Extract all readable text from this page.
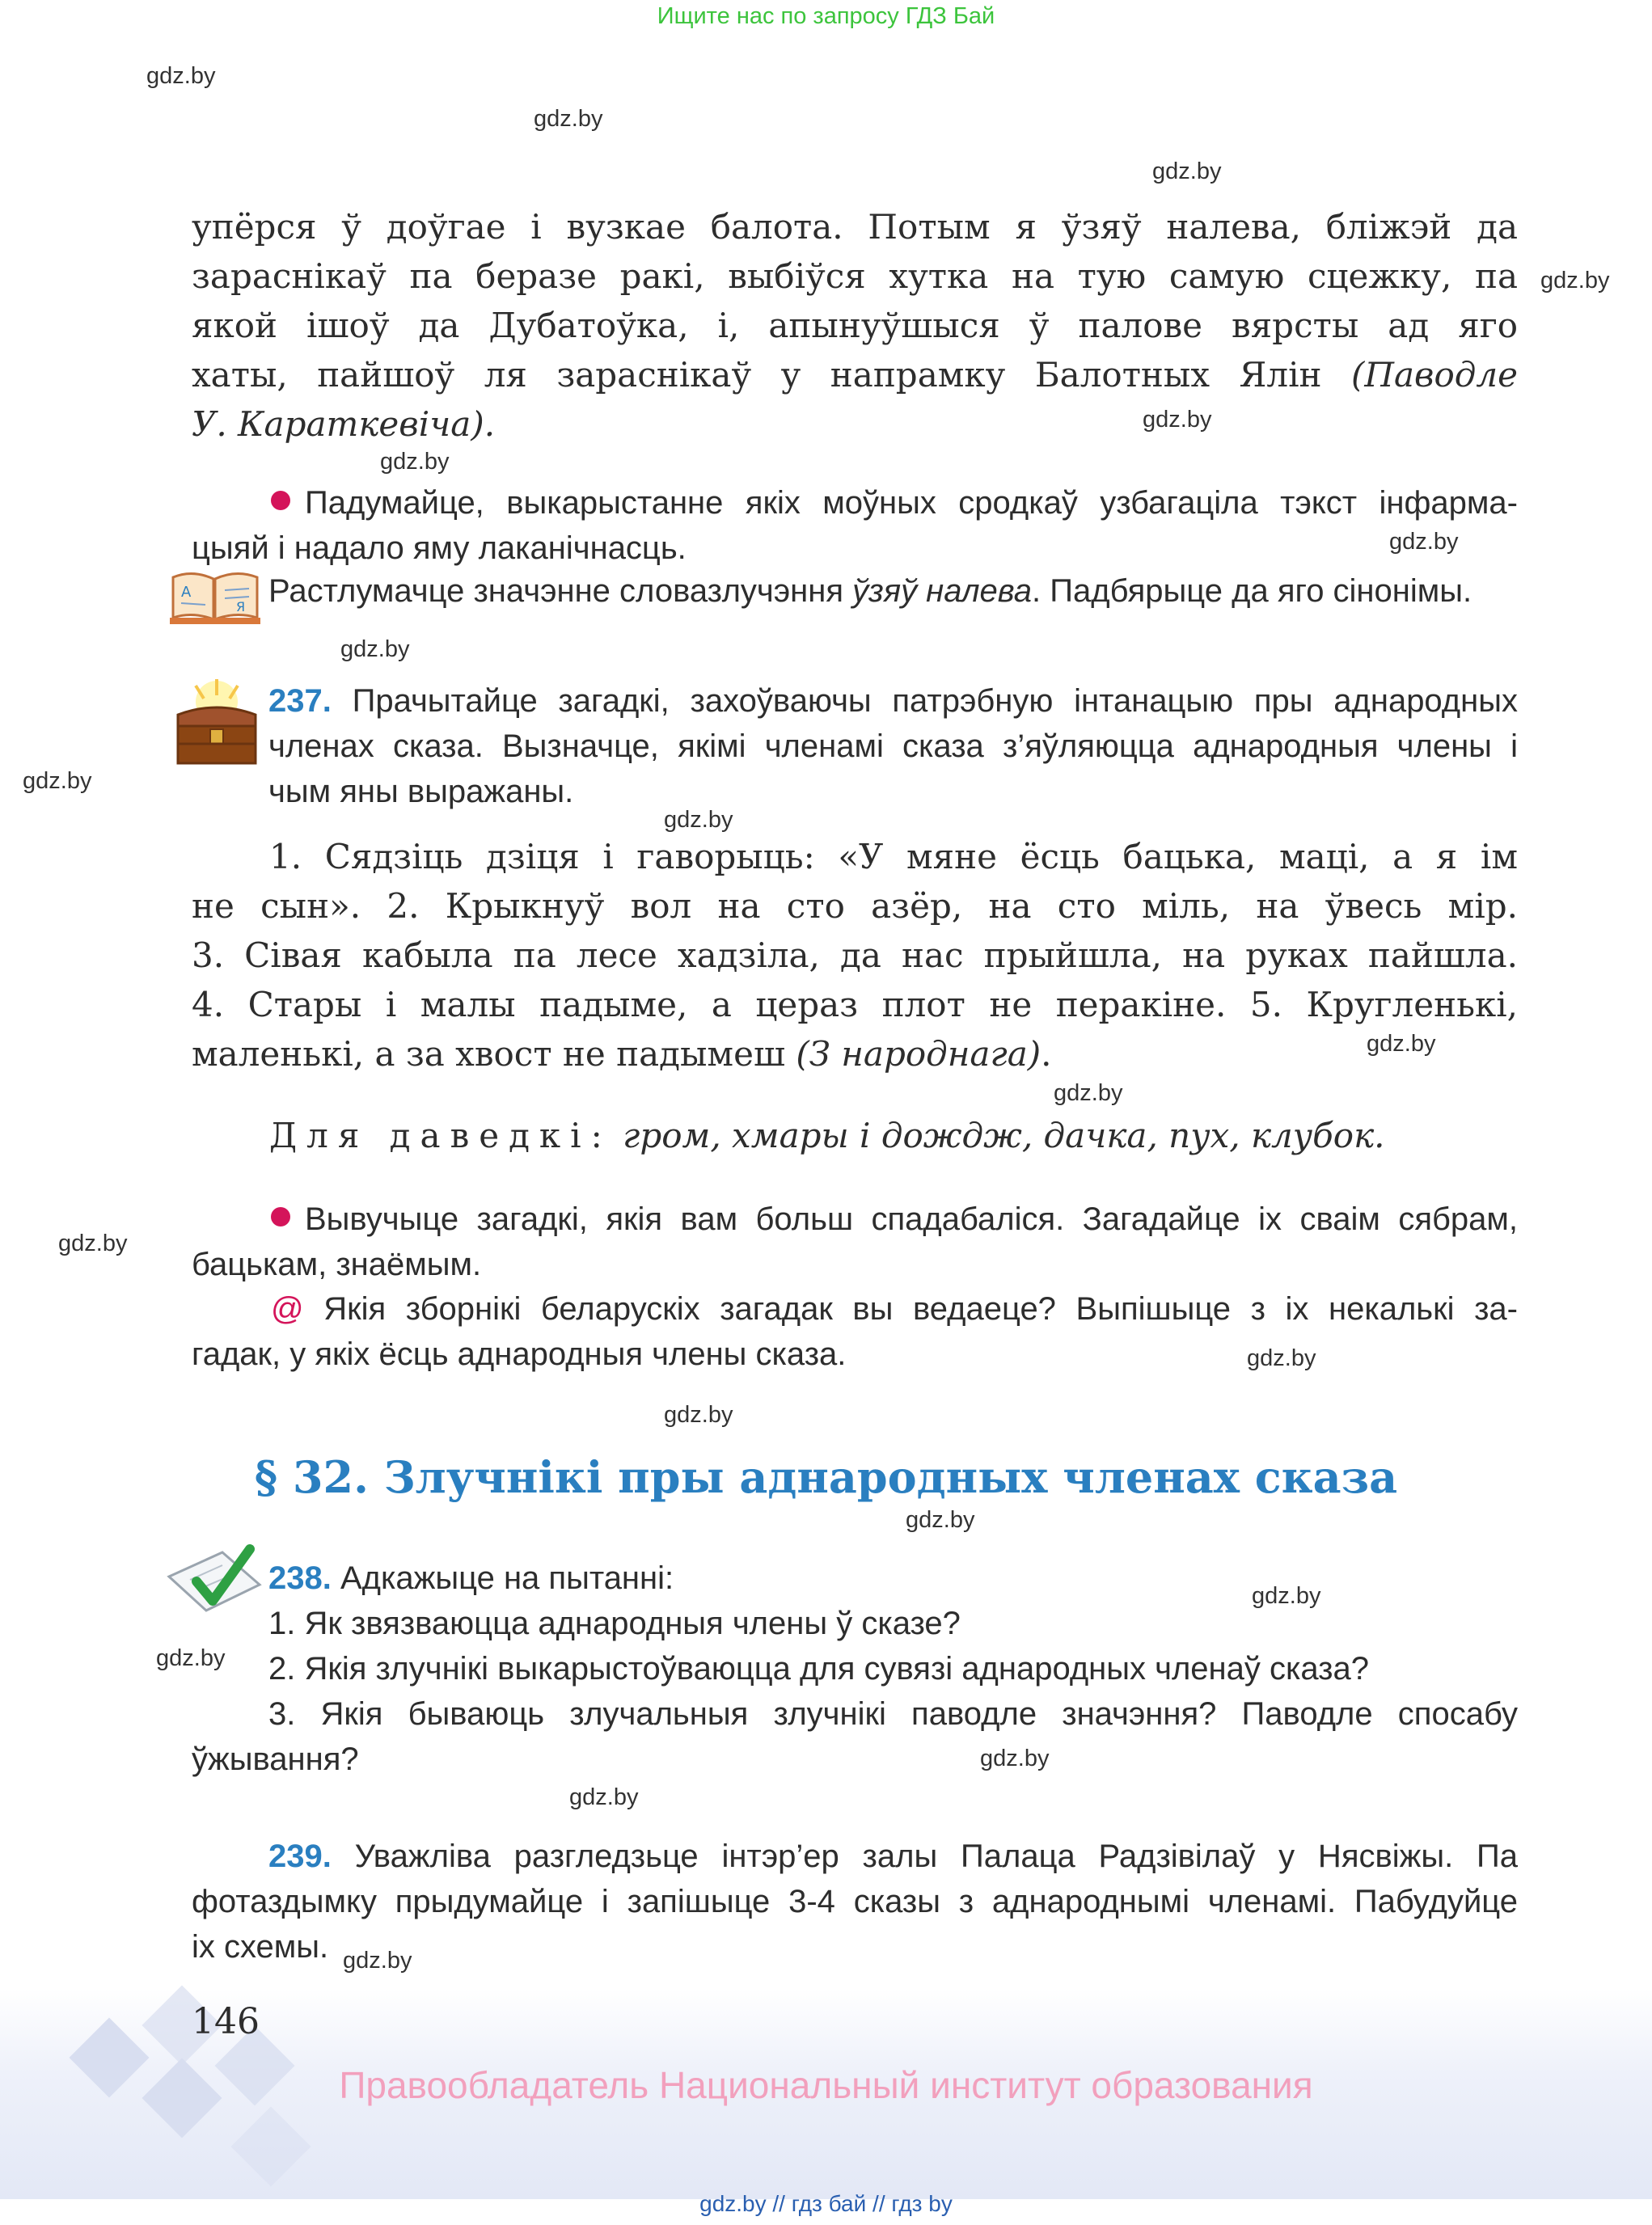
Ищите нас по запросу ГДЗ Бай
gdz.by
gdz.by
gdz.by
gdz.by
gdz.by
gdz.by
gdz.by
gdz.by
gdz.by
gdz.by
gdz.by
gdz.by
gdz.by
gdz.by
gdz.by
gdz.by
gdz.by
gdz.by
gdz.by
gdz.by
gdz.by
упёрся ў доўгае і вузкае балота. Потым я ўзяў налева, бліжэй да
зараснікаў па беразе ракі, выбіўся хутка на тую самую сцежку, па
якой ішоў да Дубатоўка, і, апынуўшыся ў палове вярсты ад яго
хаты, пайшоў ля зараснікаў у напрамку Балотных Ялін (Паводле
У. Караткевіча).
Падумайце, выкарыстанне якіх моўных сродкаў узбагаціла тэкст інфарма-
цыяй і надало яму лаканічнасць.
A
Я Растлумачце значэнне словазлучэння ўзяў налева. Падбярыце да яго сінонімы.
237. Прачытайце загадкі, захоўваючы патрэбную інтанацыю пры аднародных
членах сказа. Вызначце, якімі членамі сказа з’яўляюцца аднародныя члены і
чым яны выражаны.
1. Сядзіць дзіця і гаворыць: «У мяне ёсць бацька, маці, а я ім
не сын». 2. Крыкнуў вол на сто азёр, на сто міль, на ўвесь мір.
3. Сівая кабыла па лесе хадзіла, да нас прыйшла, на руках пайшла.
4. Стары і малы падыме, а цераз плот не перакіне. 5. Кругленькі,
маленькі, а за хвост не падымеш (З народнага).
Для даведкі: гром, хмары і дождж, дачка, пух, клубок.
Вывучыце загадкі, якія вам больш спадабаліся. Загадайце іх сваім сябрам,
бацькам, знаёмым.
@ Якія зборнікі беларускіх загадак вы ведаеце? Выпішыце з іх некалькі за-
гадак, у якіх ёсць аднародныя члены сказа.
§ 32. Злучнікі пры аднародных членах сказа
238. Адкажыце на пытанні:
1. Як звязваюцца аднародныя члены ў сказе?
2. Якія злучнікі выкарыстоўваюцца для сувязі аднародных членаў сказа?
3. Якія бываюць злучальныя злучнікі паводле значэння? Паводле спосабу
ўжывання?
239. Уважліва разгледзьце інтэр’ер залы Палаца Радзівілаў у Нясвіжы. Па
фотаздымку прыдумайце і запішыце 3-4 сказы з аднароднымі членамі. Пабудуйце
іх схемы.
146
Правообладатель Национальный институт образования
gdz.by // гдз бай // гдз by
